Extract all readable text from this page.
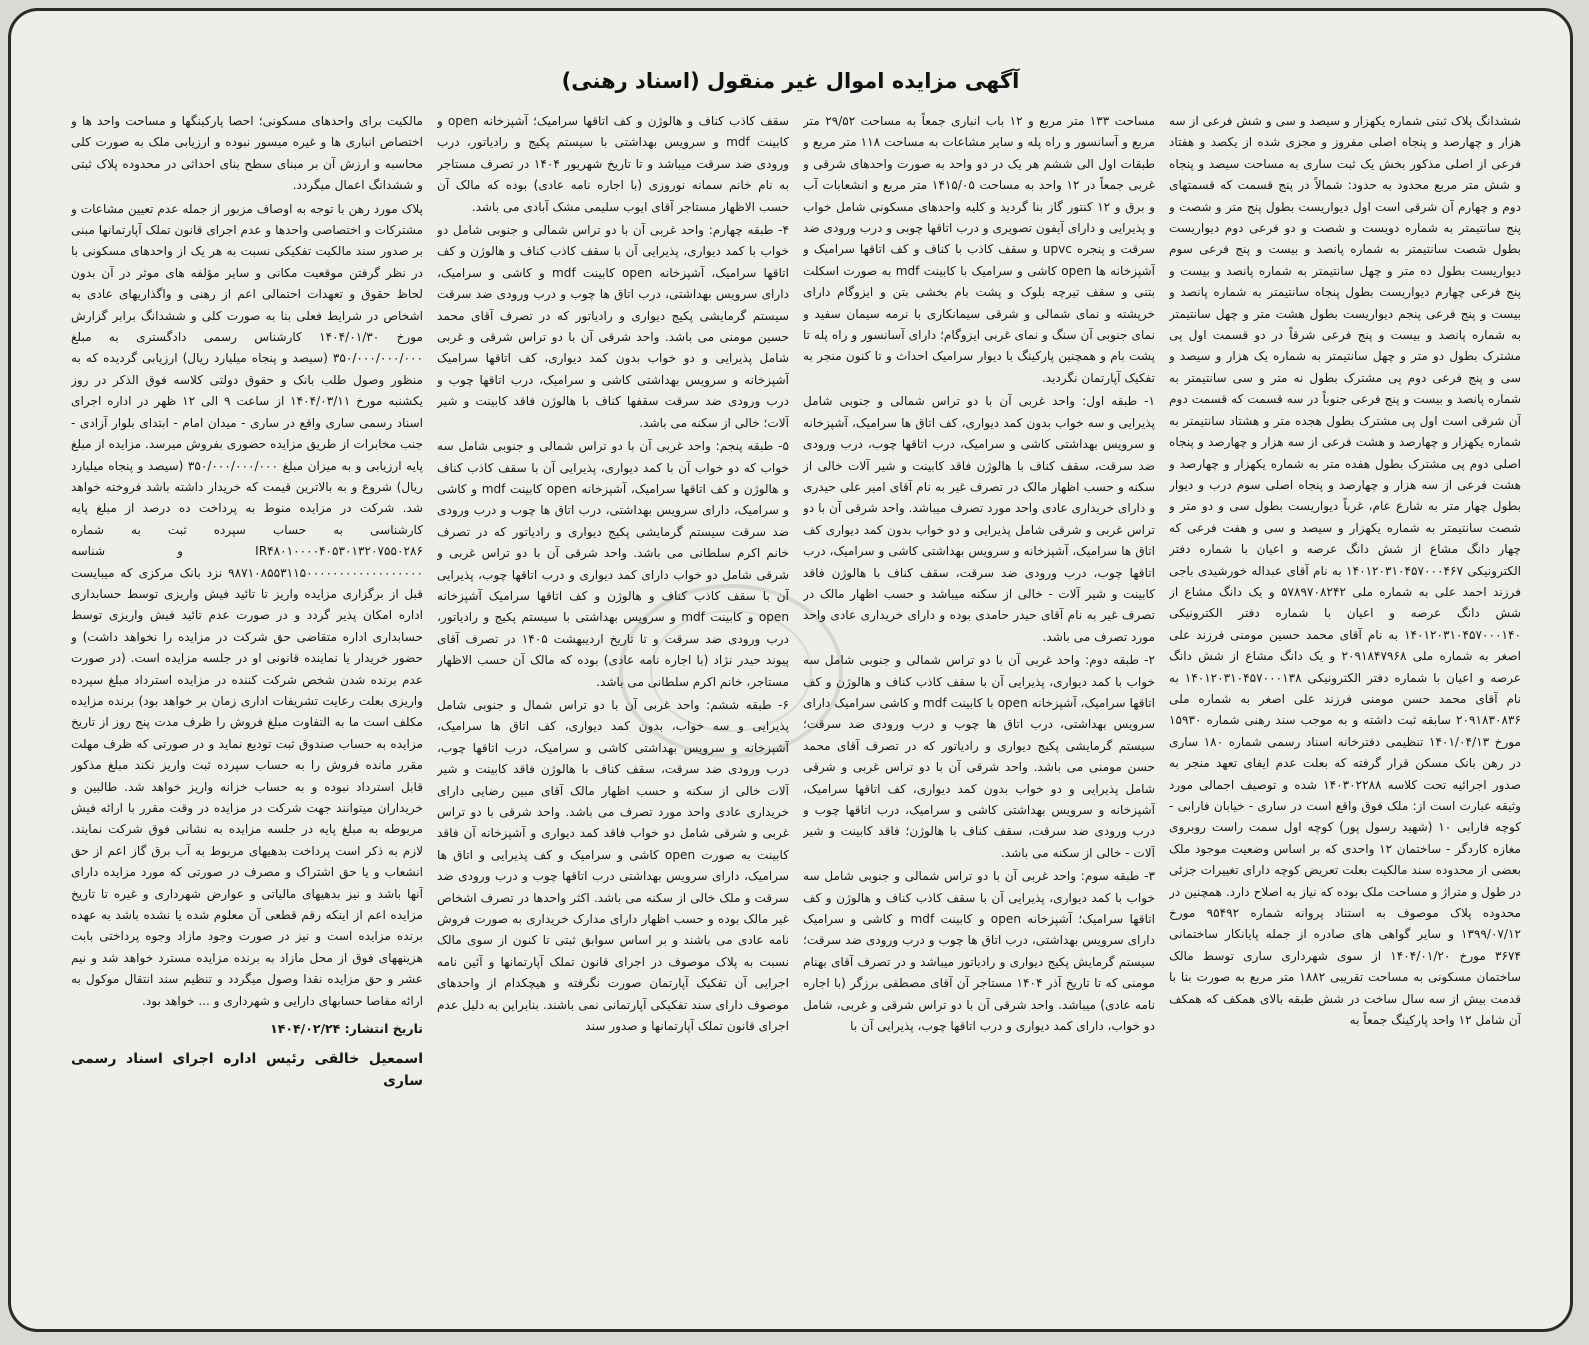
آگهی مزایده اموال غیر منقول (اسناد رهنی)

ششدانگ پلاک ثبتی شماره یکهزار و سیصد و سی و شش فرعی از سه هزار و چهارصد و پنجاه اصلی مفروز و مجزی شده از یکصد و هفتاد فرعی از اصلی مذکور بخش یک ثبت ساری به مساحت سیصد و پنجاه و شش متر مربع محدود به حدود: شمالاً در پنج قسمت که قسمتهای دوم و چهارم آن شرقی است اول دیواریست بطول پنج متر و شصت و پنج سانتیمتر به شماره دویست و شصت و دو فرعی دوم دیواریست بطول شصت سانتیمتر به شماره پانصد و بیست و پنج فرعی سوم دیواریست بطول ده متر و چهل سانتیمتر به شماره پانصد و بیست و پنج فرعی چهارم دیواریست بطول پنجاه سانتیمتر به شماره پانصد و بیست و پنج فرعی پنجم دیواریست بطول هشت متر و چهل سانتیمتر به شماره پانصد و بیست و پنج فرعی شرقاً در دو قسمت اول پی مشترک بطول دو متر و چهل سانتیمتر به شماره یک هزار و سیصد و سی و پنج فرعی دوم پی مشترک بطول نه متر و سی سانتیمتر به شماره پانصد و بیست و پنج فرعی جنوباً در سه قسمت که قسمت دوم آن شرقی است اول پی مشترک بطول هجده متر و هشتاد سانتیمتر به شماره یکهزار و چهارصد و هشت فرعی از سه هزار و چهارصد و پنجاه اصلی دوم پی مشترک بطول هفده متر به شماره یکهزار و چهارصد و هشت فرعی از سه هزار و چهارصد و پنجاه اصلی سوم درب و دیوار بطول چهار متر به شارع عام، غرباً دیواریست بطول سی و دو متر و شصت سانتیمتر به شماره یکهزار و سیصد و سی و هفت فرعی که چهار دانگ مشاع از شش دانگ عرصه و اعیان با شماره دفتر الکترونیکی ۱۴۰۱۲۰۳۱۰۴۵۷۰۰۰۴۶۷ به نام آقای عبداله خورشیدی باجی فرزند احمد علی به شماره ملی ۵۷۸۹۷۰۸۲۴۲ و یک دانگ مشاع از شش دانگ عرصه و اعیان با شماره دفتر الکترونیکی ۱۴۰۱۲۰۳۱۰۴۵۷۰۰۰۱۴۰ به نام آقای محمد حسین مومنی فرزند علی اصغر به شماره ملی ۲۰۹۱۸۴۷۹۶۸ و یک دانگ مشاع از شش دانگ عرصه و اعیان با شماره دفتر الکترونیکی ۱۴۰۱۲۰۳۱۰۴۵۷۰۰۰۱۳۸ به نام آقای محمد حسن مومنی فرزند علی اصغر به شماره ملی ۲۰۹۱۸۳۰۸۳۶ سابقه ثبت داشته و به موجب سند رهنی شماره ۱۵۹۳۰ مورخ ۱۴۰۱/۰۴/۱۳ تنظیمی دفترخانه اسناد رسمی شماره ۱۸۰ ساری در رهن بانک مسکن قرار گرفته که بعلت عدم ایفای تعهد منجر به صدور اجرائیه تحت کلاسه ۱۴۰۳۰۲۲۸۸ شده و توصیف اجمالی مورد وثیقه عبارت است از: ملک فوق واقع است در ساری - خیابان فارابی - کوچه فارابی ۱۰ (شهید رسول پور) کوچه اول سمت راست روبروی مغازه کاردگر - ساختمان ۱۲ واحدی که بر اساس وضعیت موجود ملک بعضی از محدوده سند مالکیت بعلت تعریض کوچه دارای تغییرات جزئی در طول و متراژ و مساحت ملک بوده که نیاز به اصلاح دارد. همچنین در محدوده پلاک موصوف به استناد پروانه شماره ۹۵۴۹۲ مورخ ۱۳۹۹/۰۷/۱۲ و سایر گواهی های صادره از جمله پایانکار ساختمانی ۳۶۷۴ مورخ ۱۴۰۴/۰۱/۲۰ از سوی شهرداری ساری توسط مالک ساختمان مسکونی به مساحت تقریبی ۱۸۸۲ متر مربع به صورت بنا با قدمت بیش از سه سال ساخت در شش طبقه بالای همکف که همکف آن شامل ۱۲ واحد پارکینگ جمعاً به

مساحت ۱۳۳ متر مربع و ۱۲ باب انباری جمعاً به مساحت ۲۹/۵۲ متر مربع و آسانسور و راه پله و سایر مشاعات به مساحت ۱۱۸ متر مربع و طبقات اول الی ششم هر یک در دو واحد به صورت واحدهای شرقی و غربی جمعاً در ۱۲ واحد به مساحت ۱۴۱۵/۰۵ متر مربع و انشعابات آب و برق و ۱۲ کنتور گاز بنا گردید و کلیه واحدهای مسکونی شامل خواب و پذیرایی و دارای آیفون تصویری و درب اتاقها چوبی و درب ورودی ضد سرقت و پنجره upvc و سقف کاذب با کناف و کف اتاقها سرامیک و آشپزخانه ها open کاشی و سرامیک با کابینت mdf به صورت اسکلت بتنی و سقف تیرچه بلوک و پشت بام بخشی بتن و ایزوگام دارای خرپشته و نمای شمالی و شرقی سیمانکاری با نرمه سیمان سفید و نمای جنوبی آن سنگ و نمای غربی ایزوگام؛ دارای آسانسور و راه پله تا پشت بام و همچنین پارکینگ با دیوار سرامیک احداث و تا کنون منجر به تفکیک آپارتمان نگردید.

۱- طبقه اول: واحد غربی آن با دو تراس شمالی و جنوبی شامل پذیرایی و سه خواب بدون کمد دیواری، کف اتاق ها سرامیک، آشپزخانه و سرویس بهداشتی کاشی و سرامیک، درب اتاقها چوب، درب ورودی ضد سرقت، سقف کناف با هالوژن فاقد کابینت و شیر آلات خالی از سکنه و حسب اظهار مالک در تصرف غیر به نام آقای امیر علی حیدری و دارای خریداری عادی واحد مورد تصرف میباشد. واحد شرقی آن با دو تراس غربی و شرقی شامل پذیرایی و دو خواب بدون کمد دیواری کف اتاق ها سرامیک، آشپزخانه و سرویس بهداشتی کاشی و سرامیک، درب اتاقها چوب، درب ورودی ضد سرقت، سقف کناف با هالوژن فاقد کابینت و شیر آلات - خالی از سکنه میباشد و حسب اظهار مالک در تصرف غیر به نام آقای حیدر حامدی بوده و دارای خریداری عادی واحد مورد تصرف می باشد.

۲- طبقه دوم: واحد غربی آن با دو تراس شمالی و جنوبی شامل سه خواب با کمد دیواری، پذیرایی آن با سقف کاذب کناف و هالوژن و کف اتاقها سرامیک، آشپزخانه open با کابینت mdf و کاشی سرامیک دارای سرویس بهداشتی، درب اتاق ها چوب و درب ورودی ضد سرقت؛ سیستم گرمایشی پکیج دیواری و رادیاتور که در تصرف آقای محمد حسن مومنی می باشد. واحد شرقی آن با دو تراس غربی و شرقی شامل پذیرایی و دو خواب بدون کمد دیواری، کف اتاقها سرامیک، آشپزخانه و سرویس بهداشتی کاشی و سرامیک، درب اتاقها چوب و درب ورودی ضد سرقت، سقف کناف با هالوژن؛ فاقد کابینت و شیر آلات - خالی از سکنه می باشد.

۳- طبقه سوم: واحد غربی آن با دو تراس شمالی و جنوبی شامل سه خواب با کمد دیواری، پذیرایی آن با سقف کاذب کناف و هالوژن و کف اتاقها سرامیک؛ آشپزخانه open و کابینت mdf و کاشی و سرامیک دارای سرویس بهداشتی، درب اتاق ها چوب و درب ورودی ضد سرقت؛ سیستم گرمایش پکیج دیواری و رادیاتور میباشد و در تصرف آقای بهنام مومنی که تا تاریخ آذر ۱۴۰۴ مستاجر آن آقای مصطفی برزگر (با اجاره نامه عادی) میباشد. واحد شرقی آن با دو تراس شرقی و غربی، شامل دو خواب، دارای کمد دیواری و درب اتاقها چوب، پذیرایی آن با

سقف کاذب کناف و هالوژن و کف اتاقها سرامیک؛ آشپزخانه open و کابینت mdf و سرویس بهداشتی با سیستم پکیج و رادیاتور، درب ورودی ضد سرقت میباشد و تا تاریخ شهریور ۱۴۰۴ در تصرف مستاجر به نام خانم سمانه نوروزی (با اجاره نامه عادی) بوده که مالک آن حسب الاظهار مستاجر آقای ایوب سلیمی مشک آبادی می باشد.

۴- طبقه چهارم: واحد غربی آن با دو تراس شمالی و جنوبی شامل دو خواب با کمد دیواری، پذیرایی آن با سقف کاذب کناف و هالوژن و کف اتاقها سرامیک، آشپزخانه open کابینت mdf و کاشی و سرامیک، دارای سرویس بهداشتی، درب اتاق ها چوب و درب ورودی ضد سرقت سیستم گرمایشی پکیج دیواری و رادیاتور که در تصرف آقای محمد حسین مومنی می باشد. واحد شرقی آن با دو تراس شرقی و غربی شامل پذیرایی و دو خواب بدون کمد دیواری، کف اتاقها سرامیک آشپزخانه و سرویس بهداشتی کاشی و سرامیک، درب اتاقها چوب و درب ورودی ضد سرقت سقفها کناف با هالوژن فاقد کابینت و شیر آلات؛ خالی از سکنه می باشد.

۵- طبقه پنجم: واحد غربی آن با دو تراس شمالی و جنوبی شامل سه خواب که دو خواب آن با کمد دیواری، پذیرایی آن با سقف کاذب کناف و هالوژن و کف اتاقها سرامیک، آشپزخانه open کابینت mdf و کاشی و سرامیک، دارای سرویس بهداشتی، درب اتاق ها چوب و درب ورودی ضد سرقت سیستم گرمایشی پکیج دیواری و رادیاتور که در تصرف خانم اکرم سلطانی می باشد. واحد شرقی آن با دو تراس غربی و شرقی شامل دو خواب دارای کمد دیواری و درب اتاقها چوب، پذیرایی آن با سقف کاذب کناف و هالوژن و کف اتاقها سرامیک آشپزخانه open و کابینت mdf و سرویس بهداشتی با سیستم پکیج و رادیاتور، درب ورودی ضد سرقت و تا تاریخ اردیبهشت ۱۴۰۵ در تصرف آقای پیوند حیدر نژاد (با اجاره نامه عادی) بوده که مالک آن حسب الاظهار مستاجر، خانم اکرم سلطانی می باشد.

۶- طبقه ششم: واحد غربی آن با دو تراس شمال و جنوبی شامل پذیرایی و سه خواب، بدون کمد دیواری، کف اتاق ها سرامیک، آشپزخانه و سرویس بهداشتی کاشی و سرامیک، درب اتاقها چوب، درب ورودی ضد سرقت، سقف کناف با هالوژن فاقد کابینت و شیر آلات خالی از سکنه و حسب اظهار مالک آقای مبین رضایی دارای خریداری عادی واحد مورد تصرف می باشد. واحد شرقی با دو تراس غربی و شرقی شامل دو خواب فاقد کمد دیواری و آشپزخانه آن فاقد کابینت به صورت open کاشی و سرامیک و کف پذیرایی و اتاق ها سرامیک، دارای سرویس بهداشتی درب اتاقها چوب و درب ورودی ضد سرقت و ملک خالی از سکنه می باشد. اکثر واحدها در تصرف اشخاص غیر مالک بوده و حسب اظهار دارای مدارک خریداری به صورت فروش نامه عادی می باشند و بر اساس سوابق ثبتی تا کنون از سوی مالک نسبت به پلاک موصوف در اجرای قانون تملک آپارتمانها و آئین نامه اجرایی آن تفکیک آپارتمان صورت نگرفته و هیچکدام از واحدهای موصوف دارای سند تفکیکی آپارتمانی نمی باشند. بنابراین به دلیل عدم اجرای قانون تملک آپارتمانها و صدور سند

مالکیت برای واحدهای مسکونی؛ احصا پارکینگها و مساحت واحد ها و اختصاص انباری ها و غیره میسور نبوده و ارزیابی ملک به صورت کلی محاسبه و ارزش آن بر مبنای سطح بنای احداثی در محدوده پلاک ثبتی و ششدانگ اعمال میگردد.

پلاک مورد رهن با توجه به اوصاف مزبور از جمله عدم تعیین مشاعات و مشترکات و اختصاصی واحدها و عدم اجرای قانون تملک آپارتمانها مبنی بر صدور سند مالکیت تفکیکی نسبت به هر یک از واحدهای مسکونی با در نظر گرفتن موقعیت مکانی و سایر مؤلفه های موثر در آن بدون لحاظ حقوق و تعهدات احتمالی اعم از رهنی و واگذاریهای عادی به اشخاص در شرایط فعلی بنا به صورت کلی و ششدانگ برابر گزارش مورخ ۱۴۰۴/۰۱/۳۰ کارشناس رسمی دادگستری به مبلغ ۳۵۰/۰۰۰/۰۰۰/۰۰۰ (سیصد و پنجاه میلیارد ریال) ارزیابی گردیده که به منظور وصول طلب بانک و حقوق دولتی کلاسه فوق الذکر در روز یکشنبه مورخ ۱۴۰۴/۰۳/۱۱ از ساعت ۹ الی ۱۲ ظهر در اداره اجرای اسناد رسمی ساری واقع در ساری - میدان امام - ابتدای بلوار آزادی - جنب مخابرات از طریق مزایده حضوری بفروش میرسد. مزایده از مبلغ پایه ارزیابی و به میزان مبلغ ۳۵۰/۰۰۰/۰۰۰/۰۰۰ (سیصد و پنجاه میلیارد ریال) شروع و به بالاترین قیمت که خریدار داشته باشد فروخته خواهد شد. شرکت در مزایده منوط به پرداخت ده درصد از مبلغ پایه کارشناسی به حساب سپرده ثبت به شماره IR۴۸۰۱۰۰۰۰۴۰۵۳۰۱۳۲۰۷۵۵۰۲۸۶ و شناسه ۹۸۷۱۰۸۵۵۳۱۱۵۰۰۰۰۰۰۰۰۰۰۰۰۰۰۰۰۰۰ نزد بانک مرکزی که میبایست قبل از برگزاری مزایده واریز تا تائید فیش واریزی توسط حسابداری اداره امکان پذیر گردد و در صورت عدم تائید فیش واریزی توسط حسابداری اداره متقاضی حق شرکت در مزایده را نخواهد داشت) و حضور خریدار یا نماینده قانونی او در جلسه مزایده است. (در صورت عدم برنده شدن شخص شرکت کننده در مزایده استرداد مبلغ سپرده واریزی بعلت رعایت تشریفات اداری زمان بر خواهد بود) برنده مزایده مکلف است ما به التفاوت مبلغ فروش را ظرف مدت پنج روز از تاریخ مزایده به حساب صندوق ثبت تودیع نماید و در صورتی که ظرف مهلت مقرر مانده فروش را به حساب سپرده ثبت واریز نکند مبلغ مذکور قابل استرداد نبوده و به حساب خزانه واریز خواهد شد. طالبین و خریداران میتوانند جهت شرکت در مزایده در وقت مقرر با ارائه فیش مربوطه به مبلغ پایه در جلسه مزایده به نشانی فوق شرکت نمایند. لازم به ذکر است پرداخت بدهیهای مربوط به آب برق گاز اعم از حق انشعاب و یا حق اشتراک و مصرف در صورتی که مورد مزایده دارای آنها باشد و نیز بدهیهای مالیاتی و عوارض شهرداری و غیره تا تاریخ مزایده اعم از اینکه رقم قطعی آن معلوم شده یا نشده باشد به عهده برنده مزایده است و نیز در صورت وجود مازاد وجوه پرداختی بابت هزینههای فوق از محل مازاد به برنده مزایده مسترد خواهد شد و نیم عشر و حق مزایده نقدا وصول میگردد و تنظیم سند انتقال موکول به ارائه مفاصا حسابهای دارایی و شهرداری و ... خواهد بود.

تاریخ انتشار: ۱۴۰۴/۰۲/۲۴
اسمعیل خالقی رئیس اداره اجرای اسناد رسمی ساری
